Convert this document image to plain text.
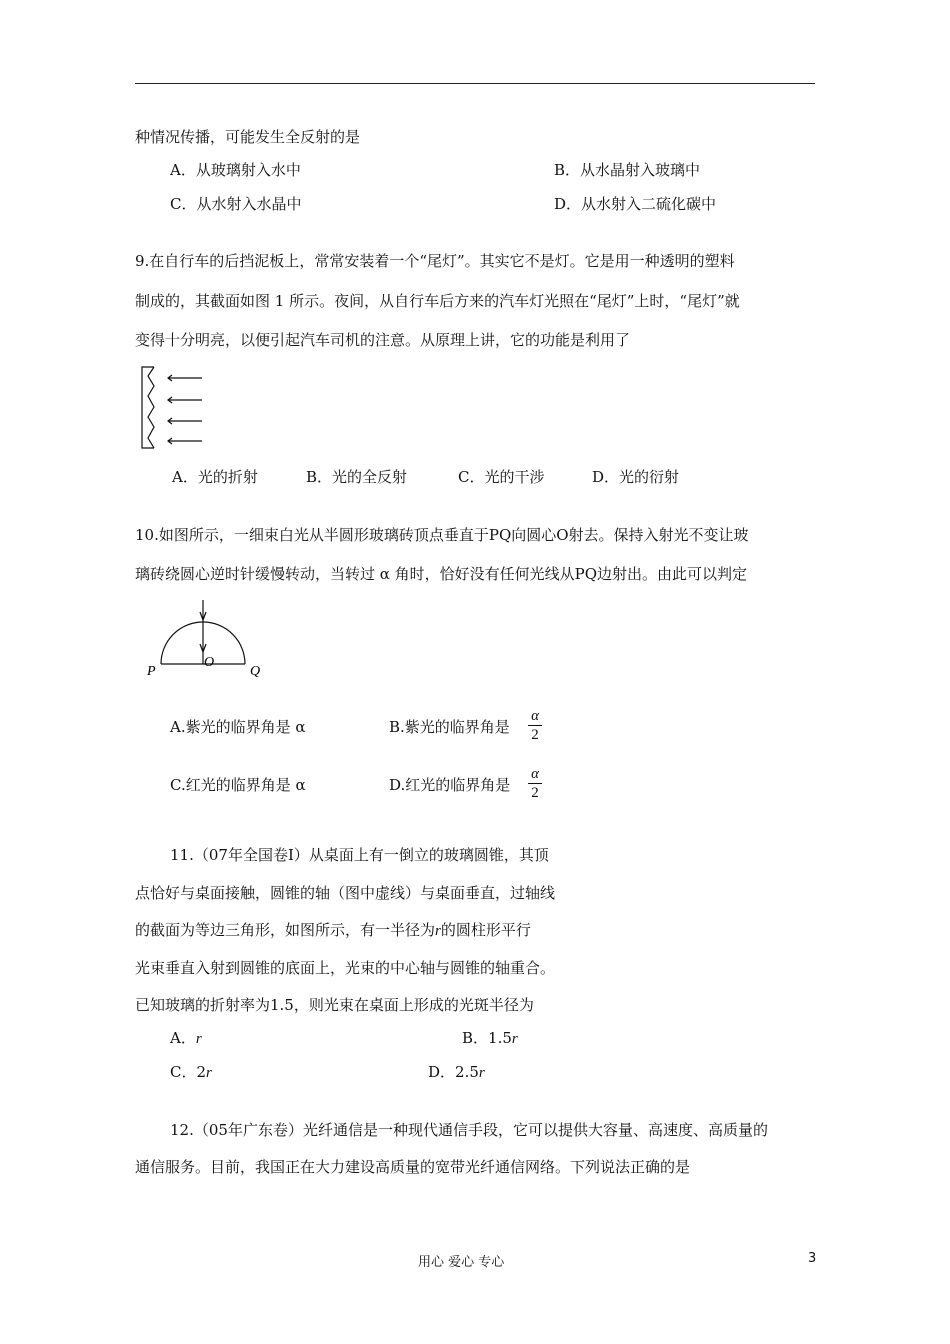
种情况传播，可能发生全反射的是
A．从玻璃射入水中	B．从水晶射入玻璃中
C．从水射入水晶中	D．从水射入二硫化碳中
9.在自行车的后挡泥板上，常常安装着一个“尾灯”。其实它不是灯。它是用一种透明的塑料
制成的，其截面如图 1 所示。夜间，从自行车后方来的汽车灯光照在“尾灯”上时，“尾灯”就
变得十分明亮，以便引起汽车司机的注意。从原理上讲，它的功能是利用了
A．光的折射	B．光的全反射	C．光的干涉	D．光的衍射
10.如图所示，一细束白光从半圆形玻璃砖顶点垂直于PQ向圆心O射去。保持入射光不变让玻
璃砖绕圆心逆时针缓慢转动，当转过 α 角时，恰好没有任何光线从PQ边射出。由此可以判定
P
O
Q
A.紫光的临界角是 α	B.紫光的临界角是
α
2
C.红光的临界角是 α	D.红光的临界角是
α
2
11.（07年全国卷Ⅰ）从桌面上有一倒立的玻璃圆锥，其顶
点恰好与桌面接触，圆锥的轴（图中虚线）与桌面垂直，过轴线
的截面为等边三角形，如图所示，有一半径为r的圆柱形平行
光束垂直入射到圆锥的底面上，光束的中心轴与圆锥的轴重合。
已知玻璃的折射率为1.5，则光束在桌面上形成的光斑半径为
A．r	B．1.5r
C．2r	D．2.5r
12.（05年广东卷）光纤通信是一种现代通信手段，它可以提供大容量、高速度、高质量的
通信服务。目前，我国正在大力建设高质量的宽带光纤通信网络。下列说法正确的是
用心 爱心 专心	3
